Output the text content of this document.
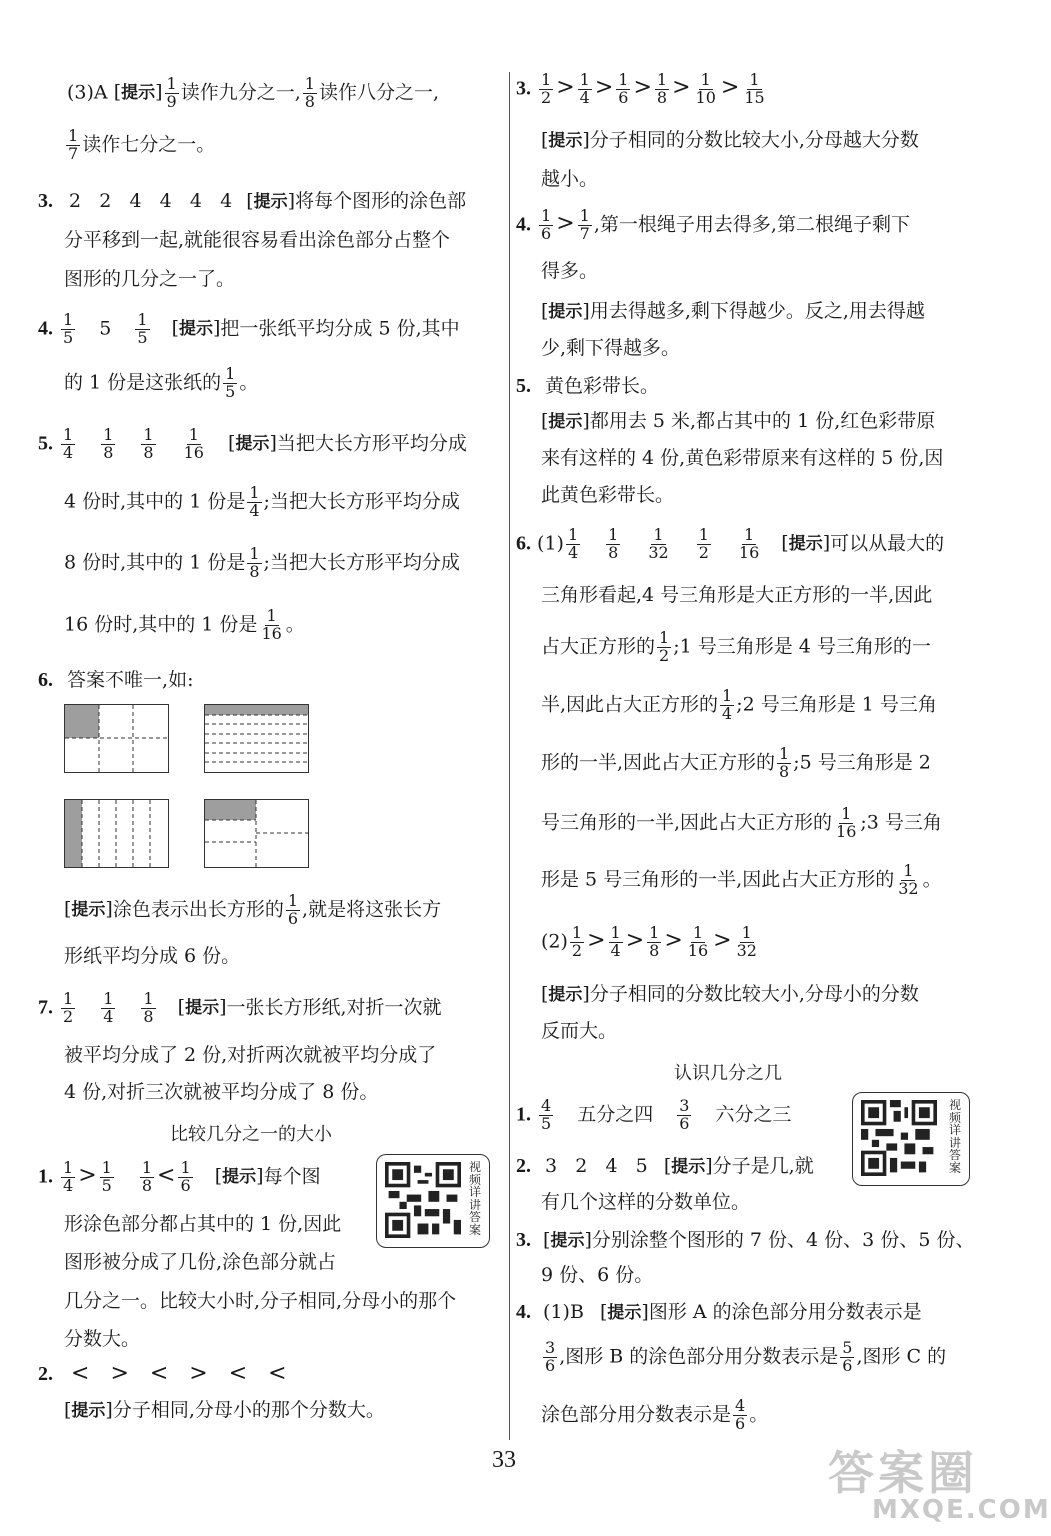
(3)A [提示] $\frac{1}{9}$ 读作九分之一, $\frac{1}{8}$ 读作八分之一,
$\frac{1}{7}$ 读作七分之一。
3. 2   2   4   4   4   4 [提示]将每个图形的涂色部
分平移到一起,就能很容易看出涂色部分占整个
图形的几分之一了。
4. $\frac{1}{5} 5 \frac{1}{5}$ [提示]把一张纸平均分成 5 份,其中
的 1 份是这张纸的 $\frac{1}{5}$ 。
5. $\frac{1}{4} \frac{1}{8} \frac{1}{8} \frac{1}{16}$ [提示]当把大长方形平均分成
4 份时,其中的 1 份是 $\frac{1}{4}$ ;当把大长方形平均分成
8 份时,其中的 1 份是 $\frac{1}{8}$ ;当把大长方形平均分成
16 份时,其中的 1 份是 $\frac{1}{16}$ 。
6. 答案不唯一,如:
[提示]涂色表示出长方形的 $\frac{1}{6}$ ,就是将这张长方
形纸平均分成 6 份。
7. $\frac{1}{2} \frac{1}{4} \frac{1}{8}$ [提示]一张长方形纸,对折一次就
被平均分成了 2 份,对折两次就被平均分成了
4 份,对折三次就被平均分成了 8 份。
比较几分之一的大小
1. $\frac{1}{4} > \frac{1}{5} \frac{1}{8} < \frac{1}{6}$ [提示]每个图
形涂色部分都占其中的 1 份,因此
图形被分成了几份,涂色部分就占
几分之一。比较大小时,分子相同,分母小的那个
分数大。
视频详讲答案
2. <   >   <   >   <   <
[提示]分子相同,分母小的那个分数大。
3. $\frac{1}{2} > \frac{1}{4} > \frac{1}{6} > \frac{1}{8} > \frac{1}{10} > \frac{1}{15}$
[提示]分子相同的分数比较大小,分母越大分数
越小。
4. $\frac{1}{6} > \frac{1}{7}$ ,第一根绳子用去得多,第二根绳子剩下
得多。
[提示]用去得越多,剩下得越少。反之,用去得越
少,剩下得越多。
5. 黄色彩带长。
[提示]都用去 5 米,都占其中的 1 份,红色彩带原
来有这样的 4 份,黄色彩带原来有这样的 5 份,因
此黄色彩带长。
6. $(1) \frac{1}{4} \frac{1}{8} \frac{1}{32} \frac{1}{2} \frac{1}{16}$ [提示]可以从最大的
三角形看起,4 号三角形是大正方形的一半,因此
占大正方形的 $\frac{1}{2}$ ;1 号三角形是 4 号三角形的一
半,因此占大正方形的 $\frac{1}{4}$ ;2 号三角形是 1 号三角
形的一半,因此占大正方形的 $\frac{1}{8}$ ;5 号三角形是 2
号三角形的一半,因此占大正方形的 $\frac{1}{16}$ ;3 号三角
形是 5 号三角形的一半,因此占大正方形的 $\frac{1}{32}$ 。
$(2) \frac{1}{2} > \frac{1}{4} > \frac{1}{8} > \frac{1}{16} > \frac{1}{32}$
[提示]分子相同的分数比较大小,分母小的分数
反而大。
认识几分之几
1. $\frac{4}{5}$ 五分之四 $\frac{3}{6}$ 六分之三	视频详讲答案
2. 3   2   4   5 [提示]分子是几,就
有几个这样的分数单位。
3. [提示]分别涂整个图形的 7 份、4 份、3 份、5 份、
9 份、6 份。
4. (1)B [提示]图形 A 的涂色部分用分数表示是
$\frac{3}{6}$ ,图形 B 的涂色部分用分数表示是 $\frac{5}{6}$ ,图形 C 的
涂色部分用分数表示是 $\frac{4}{6}$ 。
33	答案圈
MXQE.COM
